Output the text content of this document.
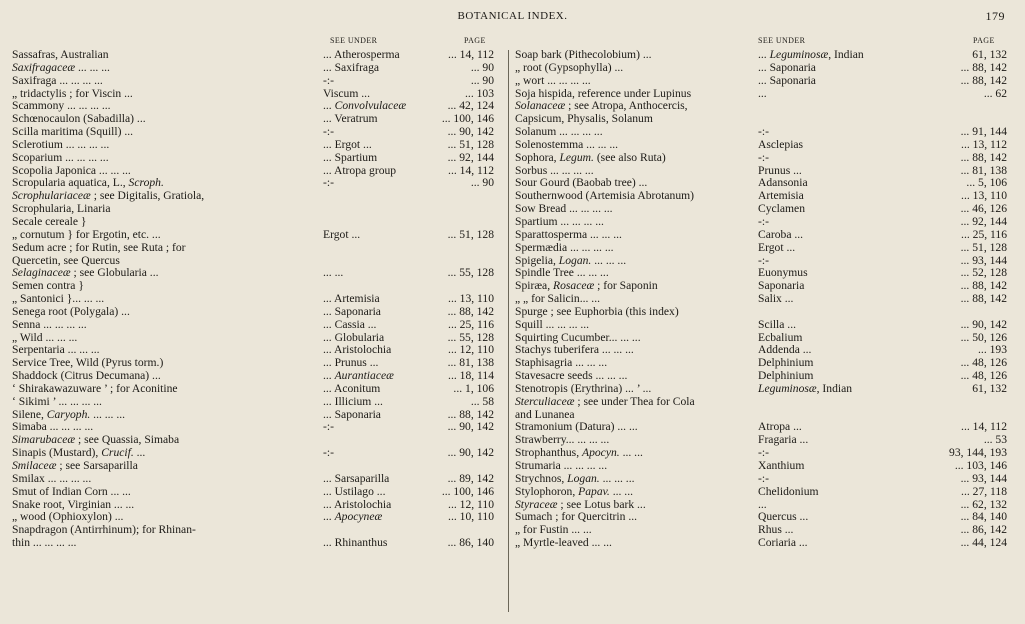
BOTANICAL INDEX.	179
SEE UNDER	PAGE
Sassafras, Australian	... Atherosperma	... 14, 112
Saxifragaceæ ... ... ...	... Saxifraga	... 90
Saxifraga ... ... ... ...	-:-	... 90
„ tridactylis ; for Viscin ...	Viscum ...	... 103
Scammony ... ... ... ...	... Convolvulaceæ	... 42, 124
Schœnocaulon (Sabadilla) ...	... Veratrum	... 100, 146
Scilla maritima (Squill) ...	-:-	... 90, 142
Sclerotium ... ... ... ...	... Ergot ...	... 51, 128
Scoparium ... ... ... ...	... Spartium	... 92, 144
Scopolia Japonica ... ... ...	... Atropa group	... 14, 112
Scropularia aquatica, L., Scroph.	-:-	... 90
Scrophulariaceæ ; see Digitalis, Gratiola,
Scrophularia, Linaria
Secale cereale }
„ cornutum } for Ergotin, etc. ...	Ergot ...	... 51, 128
Sedum acre ; for Rutin, see Ruta ; for
Quercetin, see Quercus
Selaginaceæ ; see Globularia ...	... ...	... 55, 128
Semen contra }
„ Santonici }... ... ...	... Artemisia	... 13, 110
Senega root (Polygala) ...	... Saponaria	... 88, 142
Senna ... ... ... ...	... Cassia ...	... 25, 116
„ Wild ... ... ...	... Globularia	... 55, 128
Serpentaria ... ... ...	... Aristolochia	... 12, 110
Service Tree, Wild (Pyrus torm.)	... Prunus ...	... 81, 138
Shaddock (Citrus Decumana) ...	... Aurantiaceæ	... 18, 114
‘ Shirakawazuware ’ ; for Aconitine	... Aconitum	... 1, 106
‘ Sikimi ’ ... ... ... ...	... Illicium ...	... 58
Silene, Caryoph. ... ... ...	... Saponaria	... 88, 142
Simaba ... ... ... ...	-:-	... 90, 142
Simarubaceæ ; see Quassia, Simaba
Sinapis (Mustard), Crucif. ...	-:-	... 90, 142
Smilaceæ ; see Sarsaparilla
Smilax ... ... ... ...	... Sarsaparilla	... 89, 142
Smut of Indian Corn ... ...	... Ustilago ...	... 100, 146
Snake root, Virginian ... ...	... Aristolochia	... 12, 110
„ wood (Ophioxylon) ...	... Apocyneæ	... 10, 110
Snapdragon (Antirrhinum); for Rhinan-
thin ... ... ... ...	... Rhinanthus	... 86, 140
SEE UNDER	PAGE
Soap bark (Pithecolobium) ...	... Leguminosæ, Indian	61, 132
„ root (Gypsophylla) ...	... Saponaria	... 88, 142
„ wort ... ... ... ...	... Saponaria	... 88, 142
Soja hispida, reference under Lupinus	...	... 62
Solanaceæ ; see Atropa, Anthocercis,
Capsicum, Physalis, Solanum
Solanum ... ... ... ...	-:-	... 91, 144
Solenostemma ... ... ...	Asclepias	... 13, 112
Sophora, Legum. (see also Ruta)	-:-	... 88, 142
Sorbus ... ... ... ...	Prunus ...	... 81, 138
Sour Gourd (Baobab tree) ...	Adansonia	... 5, 106
Southernwood (Artemisia Abrotanum)	Artemisia	... 13, 110
Sow Bread ... ... ... ...	Cyclamen	... 46, 126
Spartium ... ... ... ...	-:-	... 92, 144
Sparattosperma ... ... ...	Caroba ...	... 25, 116
Spermædia ... ... ... ...	Ergot ...	... 51, 128
Spigelia, Logan. ... ... ...	-:-	... 93, 144
Spindle Tree ... ... ...	Euonymus	... 52, 128
Spiræa, Rosaceæ ; for Saponin	Saponaria	... 88, 142
„ „ for Salicin... ...	Salix ...	... 88, 142
Spurge ; see Euphorbia (this index)
Squill ... ... ... ...	Scilla ...	... 90, 142
Squirting Cucumber... ... ...	Ecbalium	... 50, 126
Stachys tuberifera ... ... ...	Addenda ...	... 193
Staphisagria ... ... ...	Delphinium	... 48, 126
Stavesacre seeds ... ... ...	Delphinium	... 48, 126
Stenotropis (Erythrina) ... ’ ...	Leguminosæ, Indian	61, 132
Sterculiaceæ ; see under Thea for Cola
and Lunanea
Stramonium (Datura) ... ...	Atropa ...	... 14, 112
Strawberry... ... ... ...	Fragaria ...	... 53
Strophanthus, Apocyn. ... ...	-:-	93, 144, 193
Strumaria ... ... ... ...	Xanthium	... 103, 146
Strychnos, Logan. ... ... ...	-:-	... 93, 144
Stylophoron, Papav. ... ...	Chelidonium	... 27, 118
Styraceæ ; see Lotus bark ...	...	... 62, 132
Sumach ; for Quercitrin ...	Quercus ...	... 84, 140
„ for Fustin ... ...	Rhus ...	... 86, 142
„ Myrtle-leaved ... ...	Coriaria ...	... 44, 124
